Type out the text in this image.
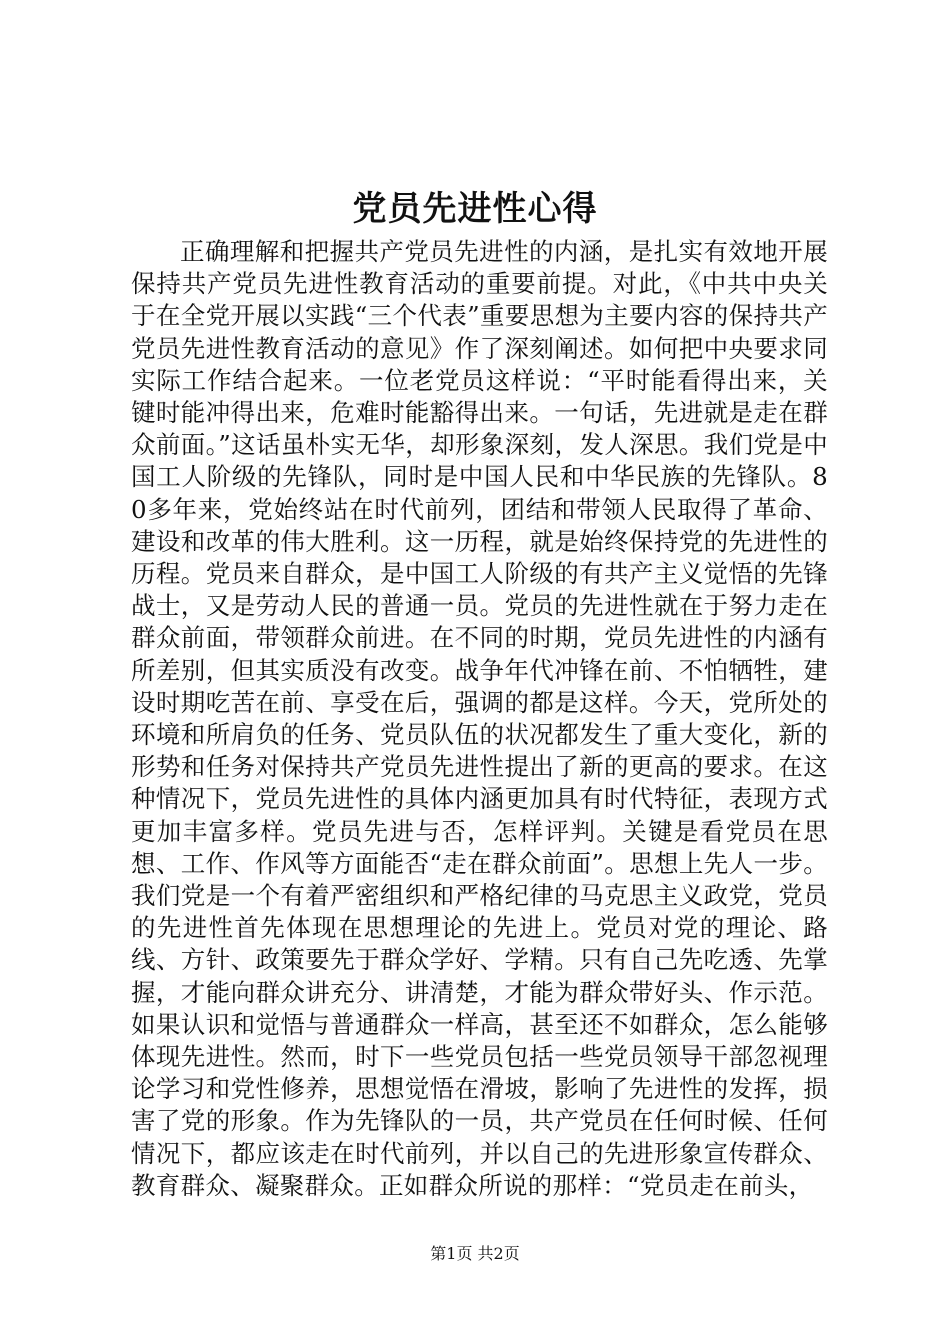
党员先进性心得

正确理解和把握共产党员先进性的内涵，是扎实有效地开展保持共产党员先进性教育活动的重要前提。对此，《中共中央关于在全党开展以实践“三个代表”重要思想为主要内容的保持共产党员先进性教育活动的意见》作了深刻阐述。如何把中央要求同实际工作结合起来。一位老党员这样说：“平时能看得出来，关键时能冲得出来，危难时能豁得出来。一句话，先进就是走在群众前面。”这话虽朴实无华，却形象深刻，发人深思。我们党是中国工人阶级的先锋队，同时是中国人民和中华民族的先锋队。80多年来，党始终站在时代前列，团结和带领人民取得了革命、建设和改革的伟大胜利。这一历程，就是始终保持党的先进性的历程。党员来自群众，是中国工人阶级的有共产主义觉悟的先锋战士，又是劳动人民的普通一员。党员的先进性就在于努力走在群众前面，带领群众前进。在不同的时期，党员先进性的内涵有所差别，但其实质没有改变。战争年代冲锋在前、不怕牺牲，建设时期吃苦在前、享受在后，强调的都是这样。今天，党所处的环境和所肩负的任务、党员队伍的状况都发生了重大变化，新的形势和任务对保持共产党员先进性提出了新的更高的要求。在这种情况下，党员先进性的具体内涵更加具有时代特征，表现方式更加丰富多样。党员先进与否，怎样评判。关键是看党员在思想、工作、作风等方面能否“走在群众前面”。思想上先人一步。我们党是一个有着严密组织和严格纪律的马克思主义政党，党员的先进性首先体现在思想理论的先进上。党员对党的理论、路线、方针、政策要先于群众学好、学精。只有自己先吃透、先掌握，才能向群众讲充分、讲清楚，才能为群众带好头、作示范。如果认识和觉悟与普通群众一样高，甚至还不如群众，怎么能够体现先进性。然而，时下一些党员包括一些党员领导干部忽视理论学习和党性修养，思想觉悟在滑坡，影响了先进性的发挥，损害了党的形象。作为先锋队的一员，共产党员在任何时候、任何情况下，都应该走在时代前列，并以自己的先进形象宣传群众、教育群众、凝聚群众。正如群众所说的那样：“党员走在前头，

第1页 共2页
